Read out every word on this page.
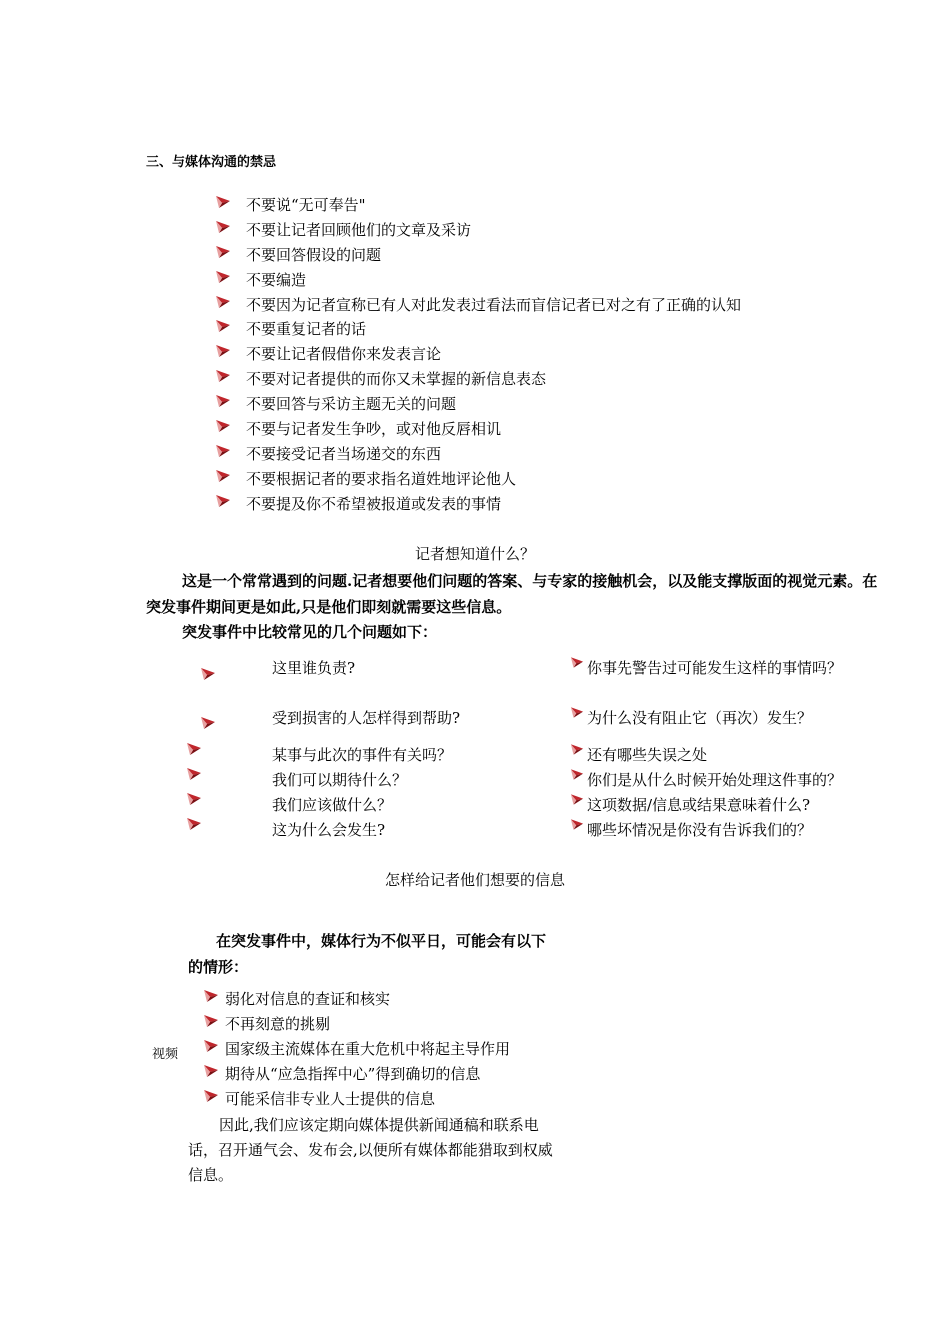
三、与媒体沟通的禁忌
不要说“无可奉告"
不要让记者回顾他们的文章及采访
不要回答假设的问题
不要编造
不要因为记者宣称已有人对此发表过看法而盲信记者已对之有了正确的认知
不要重复记者的话
不要让记者假借你来发表言论
不要对记者提供的而你又未掌握的新信息表态
不要回答与采访主题无关的问题
不要与记者发生争吵，或对他反唇相讥
不要接受记者当场递交的东西
不要根据记者的要求指名道姓地评论他人
不要提及你不希望被报道或发表的事情
记者想知道什么？
这是一个常常遇到的问题.记者想要他们问题的答案、与专家的接触机会，以及能支撑版面的视觉元素。在
突发事件期间更是如此,只是他们即刻就需要这些信息。
突发事件中比较常见的几个问题如下：
这里谁负责?
受到损害的人怎样得到帮助?
某事与此次的事件有关吗？
我们可以期待什么？
我们应该做什么？
这为什么会发生?
你事先警告过可能发生这样的事情吗？
为什么没有阻止它（再次）发生？
还有哪些失误之处
你们是从什么时候开始处理这件事的？
这项数据/信息或结果意味着什么?
哪些坏情况是你没有告诉我们的？
怎样给记者他们想要的信息
在突发事件中，媒体行为不似平日，可能会有以下
的情形：
视频
弱化对信息的查证和核实
不再刻意的挑剔
国家级主流媒体在重大危机中将起主导作用
期待从“应急指挥中心”得到确切的信息
可能采信非专业人士提供的信息
因此,我们应该定期向媒体提供新闻通稿和联系电
话，召开通气会、发布会,以便所有媒体都能猎取到权威
信息。
